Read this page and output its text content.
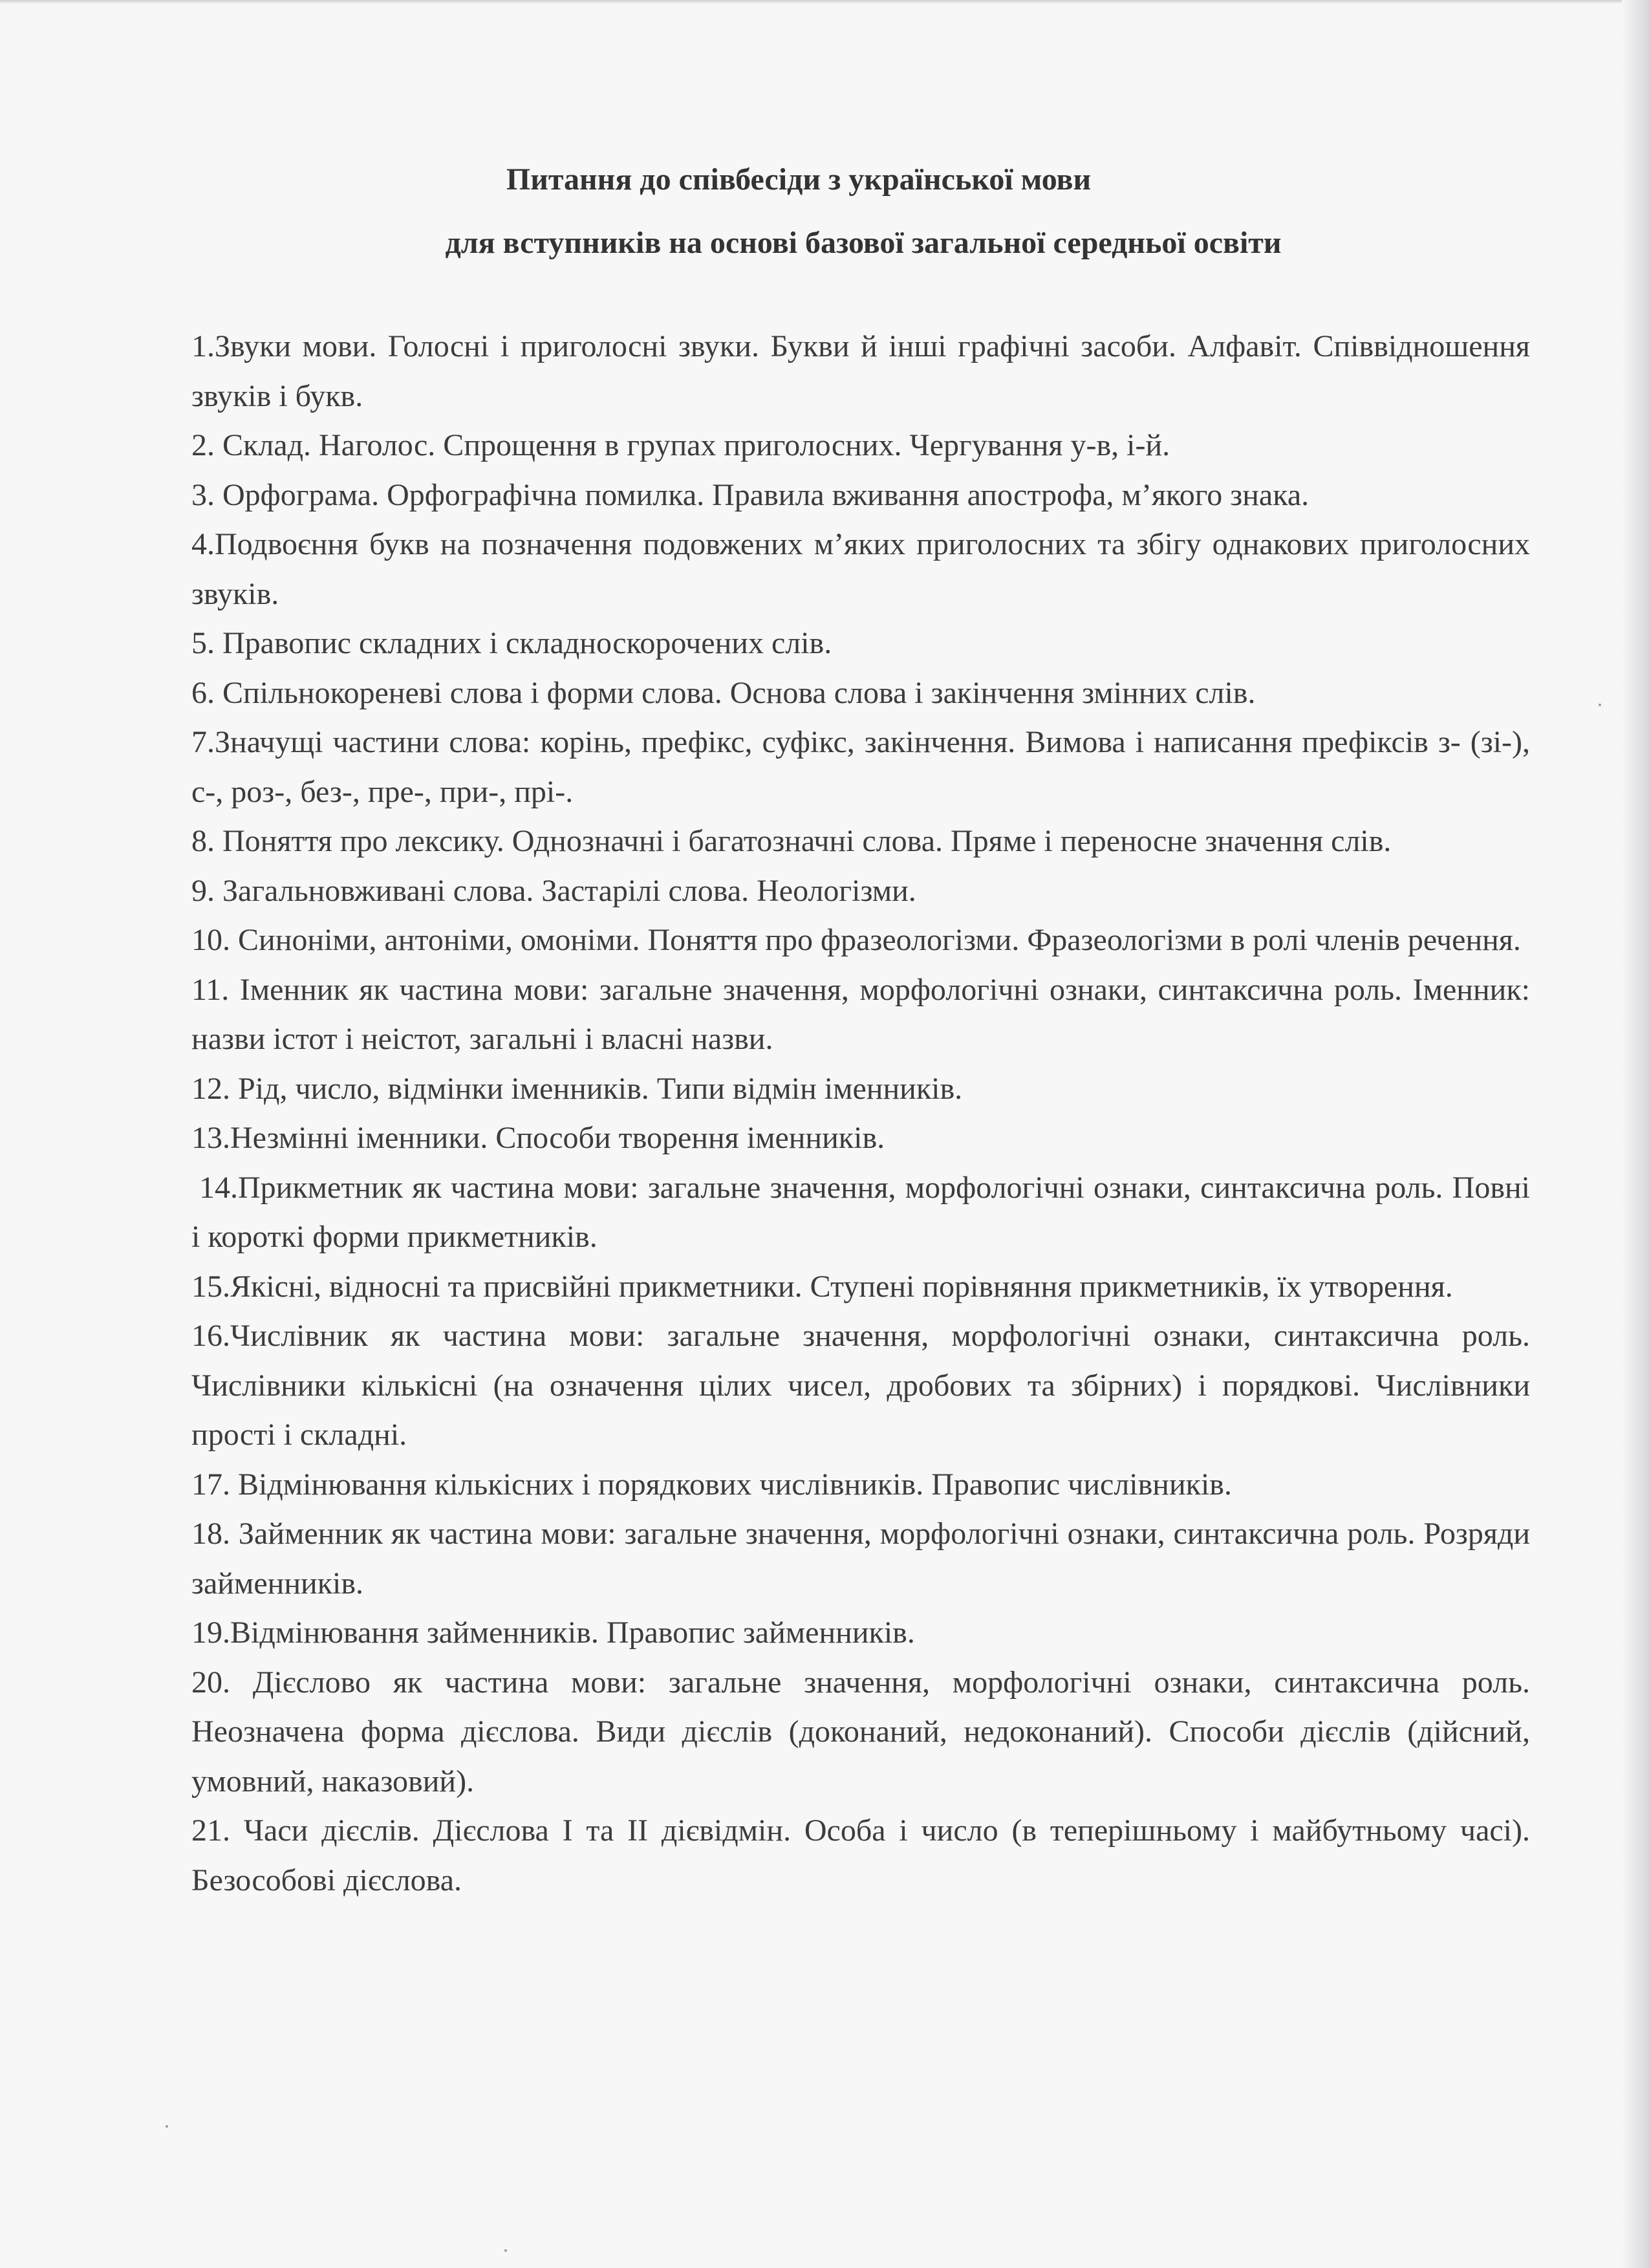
Питання до співбесіди з української мови
для вступників на основі базової загальної середньої освіти

1.Звуки мови. Голосні і приголосні звуки. Букви й інші графічні засоби. Алфавіт. Співвідношення звуків і букв.

2. Склад. Наголос. Спрощення в групах приголосних. Чергування у-в, і-й.

3. Орфограма. Орфографічна помилка. Правила вживання апострофа, м’якого знака.

4.Подвоєння букв на позначення подовжених м’яких приголосних та збігу однакових приголосних звуків.

5. Правопис складних і складноскорочених слів.

6. Спільнокореневі слова і форми слова. Основа слова і закінчення змінних слів.

7.Значущі частини слова: корінь, префікс, суфікс, закінчення. Вимова і написання префіксів з- (зі-), с-, роз-, без-, пре-, при-, прі-.

8. Поняття про лексику. Однозначні і багатозначні слова. Пряме і переносне значення слів.

9. Загальновживані слова. Застарілі слова. Неологізми.

10. Синоніми, антоніми, омоніми. Поняття про фразеологізми. Фразеологізми в ролі членів речення.

11. Іменник як частина мови: загальне значення, морфологічні ознаки, синтаксична роль. Іменник: назви істот і неістот, загальні і власні назви.

12. Рід, число, відмінки іменників. Типи відмін іменників.

13.Незмінні іменники. Способи творення іменників.

14.Прикметник як частина мови: загальне значення, морфологічні ознаки, синтаксична роль. Повні і короткі форми прикметників.

15.Якісні, відносні та присвійні прикметники. Ступені порівняння прикметників, їх утворення.

16.Числівник як частина мови: загальне значення, морфологічні ознаки, синтаксична роль. Числівники кількісні (на означення цілих чисел, дробових та збірних) і порядкові. Числівники прості і складні.

17. Відмінювання кількісних і порядкових числівників. Правопис числівників.

18. Займенник як частина мови: загальне значення, морфологічні ознаки, синтаксична роль. Розряди займенників.

19.Відмінювання займенників. Правопис займенників.

20. Дієслово як частина мови: загальне значення, морфологічні ознаки, синтаксична роль. Неозначена форма дієслова. Види дієслів (доконаний, недоконаний). Способи дієслів (дійсний, умовний, наказовий).

21. Часи дієслів. Дієслова I та II дієвідмін. Особа і число (в теперішньому і майбутньому часі). Безособові дієслова.
